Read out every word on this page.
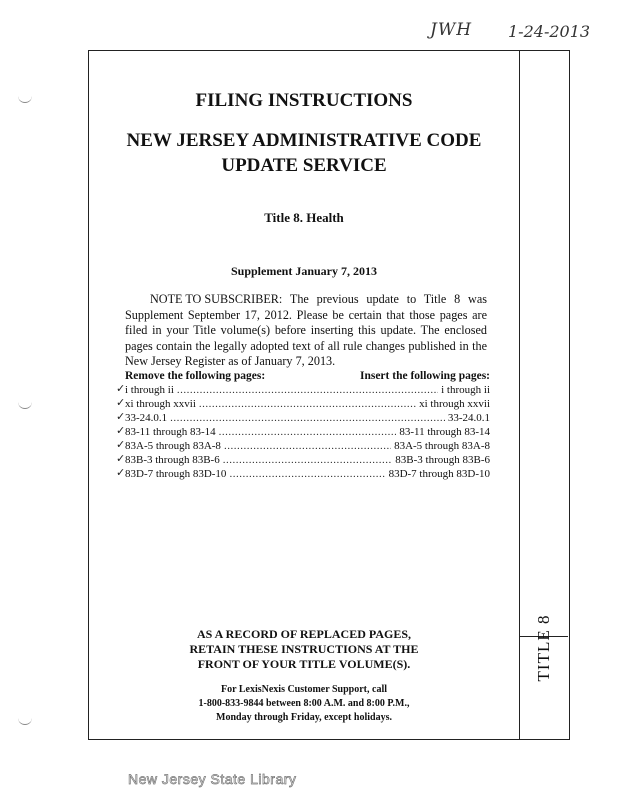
JWH 1-24-2013
TITLE 8
FILING INSTRUCTIONS
NEW JERSEY ADMINISTRATIVE CODE
UPDATE SERVICE
Title 8. Health
Supplement January 7, 2013
NOTE TO SUBSCRIBER: The previous update to Title 8 was Supplement September 17, 2012. Please be certain that those pages are filed in your Title volume(s) before inserting this update. The enclosed pages contain the legally adopted text of all rule changes published in the New Jersey Register as of January 7, 2013.
Remove the following pages:	Insert the following pages:
✓ i through ii .....	i through ii
✓ xi through xxvii .....	xi through xxvii
✓ 33-24.0.1 .....	33-24.0.1
✓ 83-11 through 83-14 .....	83-11 through 83-14
✓ 83A-5 through 83A-8 .....	83A-5 through 83A-8
✓ 83B-3 through 83B-6 .....	83B-3 through 83B-6
✓ 83D-7 through 83D-10 .....	83D-7 through 83D-10
AS A RECORD OF REPLACED PAGES,
RETAIN THESE INSTRUCTIONS AT THE
FRONT OF YOUR TITLE VOLUME(S).
For LexisNexis Customer Support, call
1-800-833-9844 between 8:00 A.M. and 8:00 P.M.,
Monday through Friday, except holidays.
New Jersey State Library
